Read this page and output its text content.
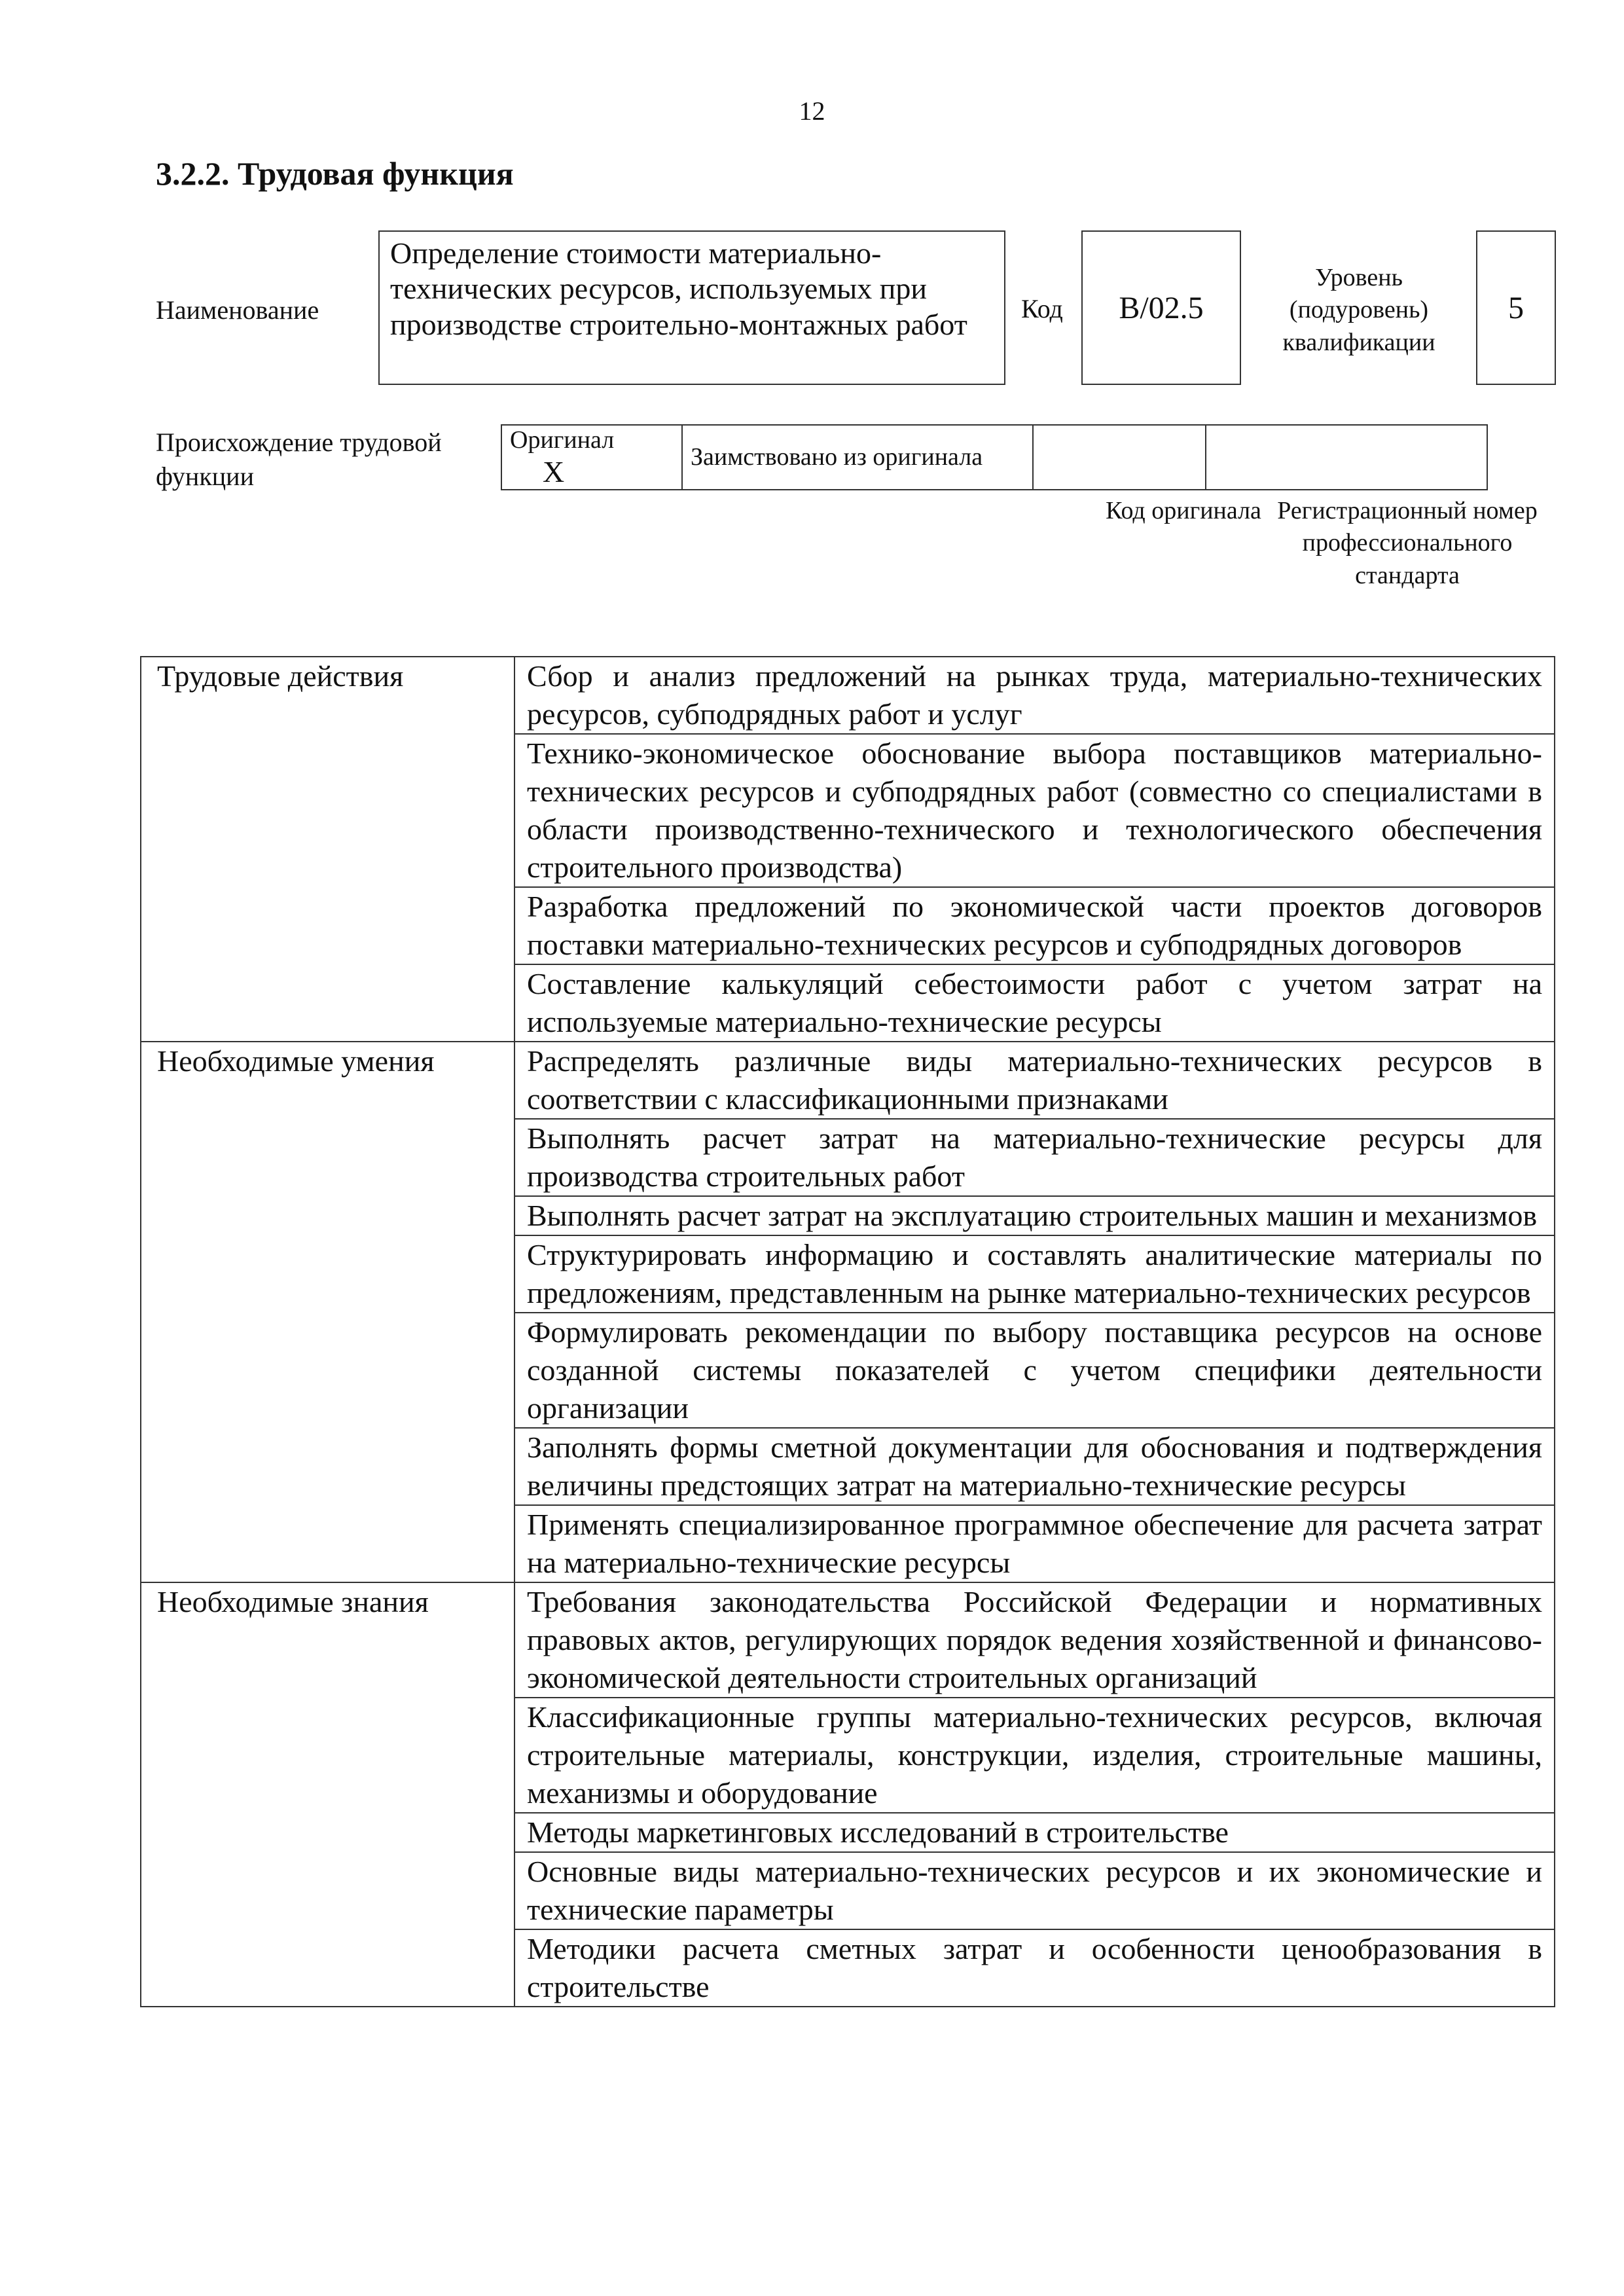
12
3.2.2. Трудовая функция
Наименование
Определение стоимости материально-технических ресурсов, используемых при производстве строительно-монтажных работ	Код	B/02.5
Уровень
(подуровень)
квалификации
5
Происхождение трудовой функции
Оригинал X	Заимствовано из оригинала		
Код оригинала Регистрационный номер профессионального стандарта
Трудовые действия	Сбор и анализ предложений на рынках труда, материально-технических ресурсов, субподрядных работ и услуг
	Технико-экономическое обоснование выбора поставщиков материально-технических ресурсов и субподрядных работ (совместно со специалистами в области производственно-технического и технологического обеспечения строительного производства)
	Разработка предложений по экономической части проектов договоров поставки материально-технических ресурсов и субподрядных договоров
	Составление калькуляций себестоимости работ с учетом затрат на используемые материально-технические ресурсы
Необходимые умения	Распределять различные виды материально-технических ресурсов в соответствии с классификационными признаками
	Выполнять расчет затрат на материально-технические ресурсы для производства строительных работ
	Выполнять расчет затрат на эксплуатацию строительных машин и механизмов
	Структурировать информацию и составлять аналитические материалы по предложениям, представленным на рынке материально-технических ресурсов
	Формулировать рекомендации по выбору поставщика ресурсов на основе созданной системы показателей с учетом специфики деятельности организации
	Заполнять формы сметной документации для обоснования и подтверждения величины предстоящих затрат на материально-технические ресурсы
	Применять специализированное программное обеспечение для расчета затрат на материально-технические ресурсы
Необходимые знания	Требования законодательства Российской Федерации и нормативных правовых актов, регулирующих порядок ведения хозяйственной и финансово-экономической деятельности строительных организаций
	Классификационные группы материально-технических ресурсов, включая строительные материалы, конструкции, изделия, строительные машины, механизмы и оборудование
	Методы маркетинговых исследований в строительстве
	Основные виды материально-технических ресурсов и их экономические и технические параметры
	Методики расчета сметных затрат и особенности ценообразования в строительстве
